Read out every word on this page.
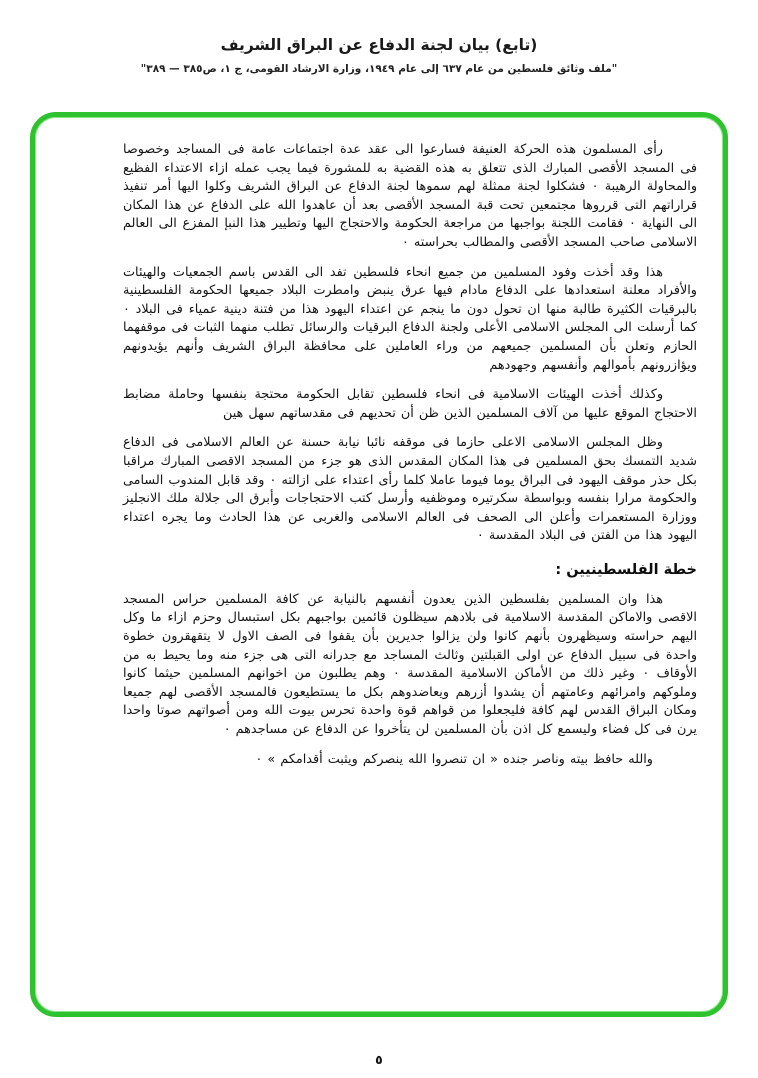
(تابع) بيان لجنة الدفاع عن البراق الشريف
"ملف وثائق فلسطين من عام ٦٣٧ إلى عام ١٩٤٩، وزارة الارشاد القومى، ج ١، ص٣٨٥ — ٣٨٩"

رأى المسلمون هذه الحركة العنيفة فسارعوا الى عقد عدة اجتماعات عامة فى المساجد وخصوصا فى المسجد الأقصى المبارك الذى تتعلق به هذه القضية به للمشورة فيما يجب عمله ازاء الاعتداء الفظيع والمحاولة الرهيبة ٠ فشكلوا لجنة ممثلة لهم سموها لجنة الدفاع عن البراق الشريف وكلوا اليها أمر تنفيذ قراراتهم التى قرروها مجتمعين تحت قبة المسجد الأقصى بعد أن عاهدوا الله على الدفاع عن هذا المكان الى النهاية ٠ فقامت اللجنة بواجبها من مراجعة الحكومة والاحتجاج اليها وتطيير هذا النبإ المفزع الى العالم الاسلامى صاحب المسجد الأقصى والمطالب بحراسته ٠

هذا وقد أخذت وفود المسلمين من جميع انحاء فلسطين تفد الى القدس باسم الجمعيات والهيئات والأفراد معلنة استعدادها على الدفاع مادام فيها عرق ينبض وامطرت البلاد جميعها الحكومة الفلسطينية بالبرقيات الكثيرة طالبة منها ان تحول دون ما ينجم عن اعتداء اليهود هذا من فتنة دينية عمياء فى البلاد ٠ كما أرسلت الى المجلس الاسلامى الأعلى ولجنة الدفاع البرقيات والرسائل تطلب منهما الثبات فى موقفهما الحازم وتعلن بأن المسلمين جميعهم من وراء العاملين على محافظة البراق الشريف وأنهم يؤيدونهم ويؤازرونهم بأموالهم وأنفسهم وجهودهم

وكذلك أخذت الهيئات الاسلامية فى انحاء فلسطين تقابل الحكومة محتجة بنفسها وحاملة مضابط الاحتجاج الموقع عليها من آلاف المسلمين الذين ظن أن تحديهم فى مقدساتهم سهل هين

وظل المجلس الاسلامى الاعلى حازما فى موقفه نائبا نيابة حسنة عن العالم الاسلامى فى الدفاع شديد التمسك بحق المسلمين فى هذا المكان المقدس الذى هو جزء من المسجد الاقصى المبارك مراقبا بكل حذر موقف اليهود فى البراق يوما فيوما عاملا كلما رأى اعتداء على ازالته ٠ وقد قابل المندوب السامى والحكومة مرارا بنفسه وبواسطة سكرتيره وموظفيه وأرسل كتب الاحتجاجات وأبرق الى جلالة ملك الانجليز ووزارة المستعمرات وأعلن الى الصحف فى العالم الاسلامى والغربى عن هذا الحادث وما يجره اعتداء اليهود هذا من الفتن فى البلاد المقدسة ٠

خطة الفلسطينيين :

هذا وان المسلمين بفلسطين الذين يعدون أنفسهم بالنيابة عن كافة المسلمين حراس المسجد الاقصى والاماكن المقدسة الاسلامية فى بلادهم سيظلون قائمين بواجبهم بكل استبسال وحزم ازاء ما وكل اليهم حراسته وسيظهرون بأنهم كانوا ولن يزالوا جديرين بأن يقفوا فى الصف الاول لا يتقهقرون خطوة واحدة فى سبيل الدفاع عن اولى القبلتين وثالث المساجد مع جدرانه التى هى جزء منه وما يحيط به من الأوقاف ٠ وغير ذلك من الأماكن الاسلامية المقدسة ٠ وهم يطلبون من اخوانهم المسلمين حيثما كانوا وملوكهم وامرائهم وعامتهم أن يشدوا أزرهم ويعاضدوهم بكل ما يستطيعون فالمسجد الأقصى لهم جميعا ومكان البراق القدس لهم كافة فليجعلوا من قواهم قوة واحدة تحرس بيوت الله ومن أصواتهم صوتا واحدا يرن فى كل فضاء وليسمع كل اذن بأن المسلمين لن يتأخروا عن الدفاع عن مساجدهم ٠

والله حافظ بيته وناصر جنده « ان تنصروا الله ينصركم ويثبت أقدامكم » ٠

٥
